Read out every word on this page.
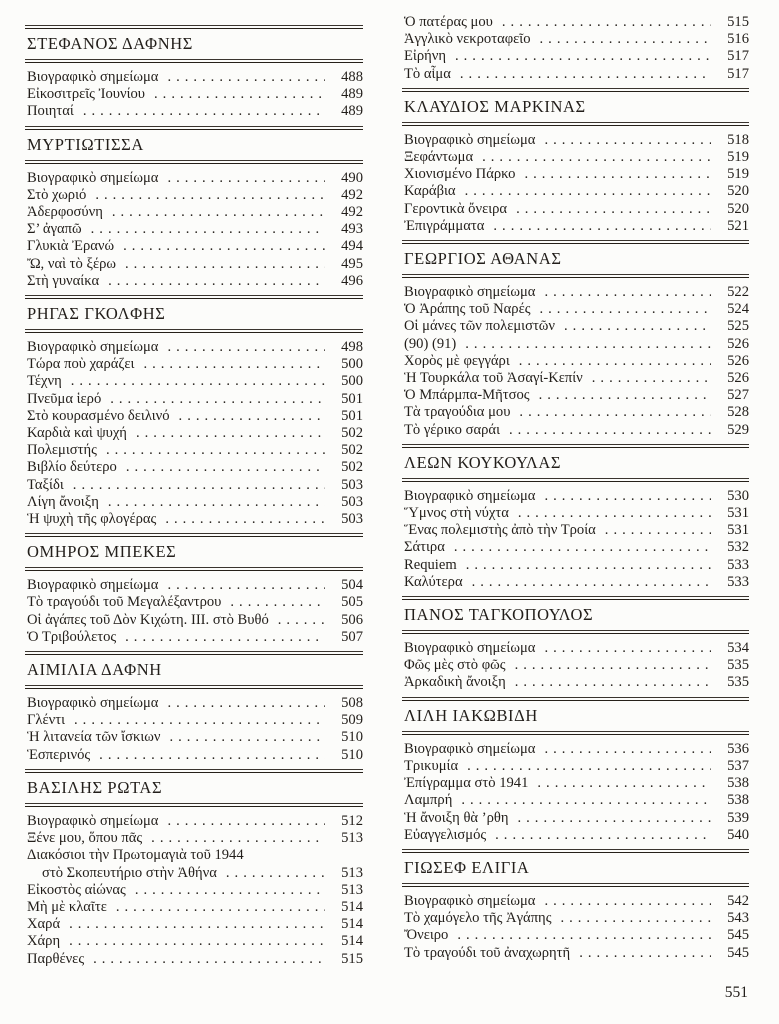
ΣΤΕΦΑΝΟΣ ΔΑΦΝΗΣ
Βιογραφικὸ σημείωμα .....	488
Εἰκοσιτρεῖς Ἰουνίου .....	489
Ποιηταί .....	489
ΜΥΡΤΙΩΤΙΣΣΑ
Βιογραφικὸ σημείωμα .....	490
Στὸ χωριό .....	492
Ἀδερφοσύνη .....	492
Σ’ ἀγαπῶ .....	493
Γλυκιὰ Ἐρανώ .....	494
Ὤ, ναὶ τὸ ξέρω .....	495
Στὴ γυναίκα .....	496
ΡΗΓΑΣ ΓΚΟΛΦΗΣ
Βιογραφικὸ σημείωμα .....	498
Τώρα ποὺ χαράζει .....	500
Τέχνη .....	500
Πνεῦμα ἱερό .....	501
Στὸ κουρασμένο δειλινό .....	501
Καρδιὰ καὶ ψυχή .....	502
Πολεμιστής .....	502
Βιβλίο δεύτερο .....	502
Ταξίδι .....	503
Λίγη ἄνοιξη .....	503
Ἡ ψυχὴ τῆς φλογέρας .....	503
ΟΜΗΡΟΣ ΜΠΕΚΕΣ
Βιογραφικὸ σημείωμα .....	504
Τὸ τραγούδι τοῦ Μεγαλέξαντρου .....	505
Οἱ ἀγάπες τοῦ Δὸν Κιχώτη. ΙΙΙ. στὸ Βυθό .....	506
Ὁ Τριβούλετος .....	507
ΑΙΜΙΛΙΑ ΔΑΦΝΗ
Βιογραφικὸ σημείωμα .....	508
Γλέντι .....	509
Ἡ λιτανεία τῶν ἴσκιων .....	510
Ἑσπερινός .....	510
ΒΑΣΙΛΗΣ ΡΩΤΑΣ
Βιογραφικὸ σημείωμα .....	512
Ξένε μου, ὅπου πᾶς .....	513
Διακόσιοι τὴν Πρωτομαγιὰ τοῦ 1944
στὸ Σκοπευτήριο στὴν Ἀθήνα .....	513
Εἰκοστὸς αἰώνας .....	513
Μὴ μὲ κλαῖτε .....	514
Χαρά .....	514
Χάρη .....	514
Παρθένες .....	515
Ὁ πατέρας μου .....	515
Ἀγγλικὸ νεκροταφεῖο .....	516
Εἰρήνη .....	517
Τὸ αἷμα .....	517
ΚΛΑΥΔΙΟΣ ΜΑΡΚΙΝΑΣ
Βιογραφικὸ σημείωμα .....	518
Ξεφάντωμα .....	519
Χιονισμένο Πάρκο .....	519
Καράβια .....	520
Γεροντικὰ ὄνειρα .....	520
Ἐπιγράμματα .....	521
ΓΕΩΡΓΙΟΣ ΑΘΑΝΑΣ
Βιογραφικὸ σημείωμα .....	522
Ὁ Ἀράπης τοῦ Ναρές .....	524
Οἱ μάνες τῶν πολεμιστῶν .....	525
(90) (91) .....	526
Χορὸς μὲ φεγγάρι .....	526
Ἡ Τουρκάλα τοῦ Ἀσαγί-Κεπίν .....	526
Ὁ Μπάρμπα-Μῆτσος .....	527
Τὰ τραγούδια μου .....	528
Τὸ γέρικο σαράι .....	529
ΛΕΩΝ ΚΟΥΚΟΥΛΑΣ
Βιογραφικὸ σημείωμα .....	530
Ὕμνος στὴ νύχτα .....	531
Ἕνας πολεμιστὴς ἀπὸ τὴν Τροία .....	531
Σάτιρα .....	532
Requiem .....	533
Καλύτερα .....	533
ΠΑΝΟΣ ΤΑΓΚΟΠΟΥΛΟΣ
Βιογραφικὸ σημείωμα .....	534
Φῶς μὲς στὸ φῶς .....	535
Ἀρκαδικὴ ἄνοιξη .....	535
ΛΙΛΗ ΙΑΚΩΒΙΔΗ
Βιογραφικὸ σημείωμα .....	536
Τρικυμία .....	537
Ἐπίγραμμα στὸ 1941 .....	538
Λαμπρή .....	538
Ἡ ἄνοιξη θὰ ’ρθη .....	539
Εὐαγγελισμός .....	540
ΓΙΩΣΕΦ ΕΛΙΓΙΑ
Βιογραφικὸ σημείωμα .....	542
Τὸ χαμόγελο τῆς Ἀγάπης .....	543
Ὄνειρο .....	545
Τὸ τραγούδι τοῦ ἀναχωρητῆ .....	545
551
